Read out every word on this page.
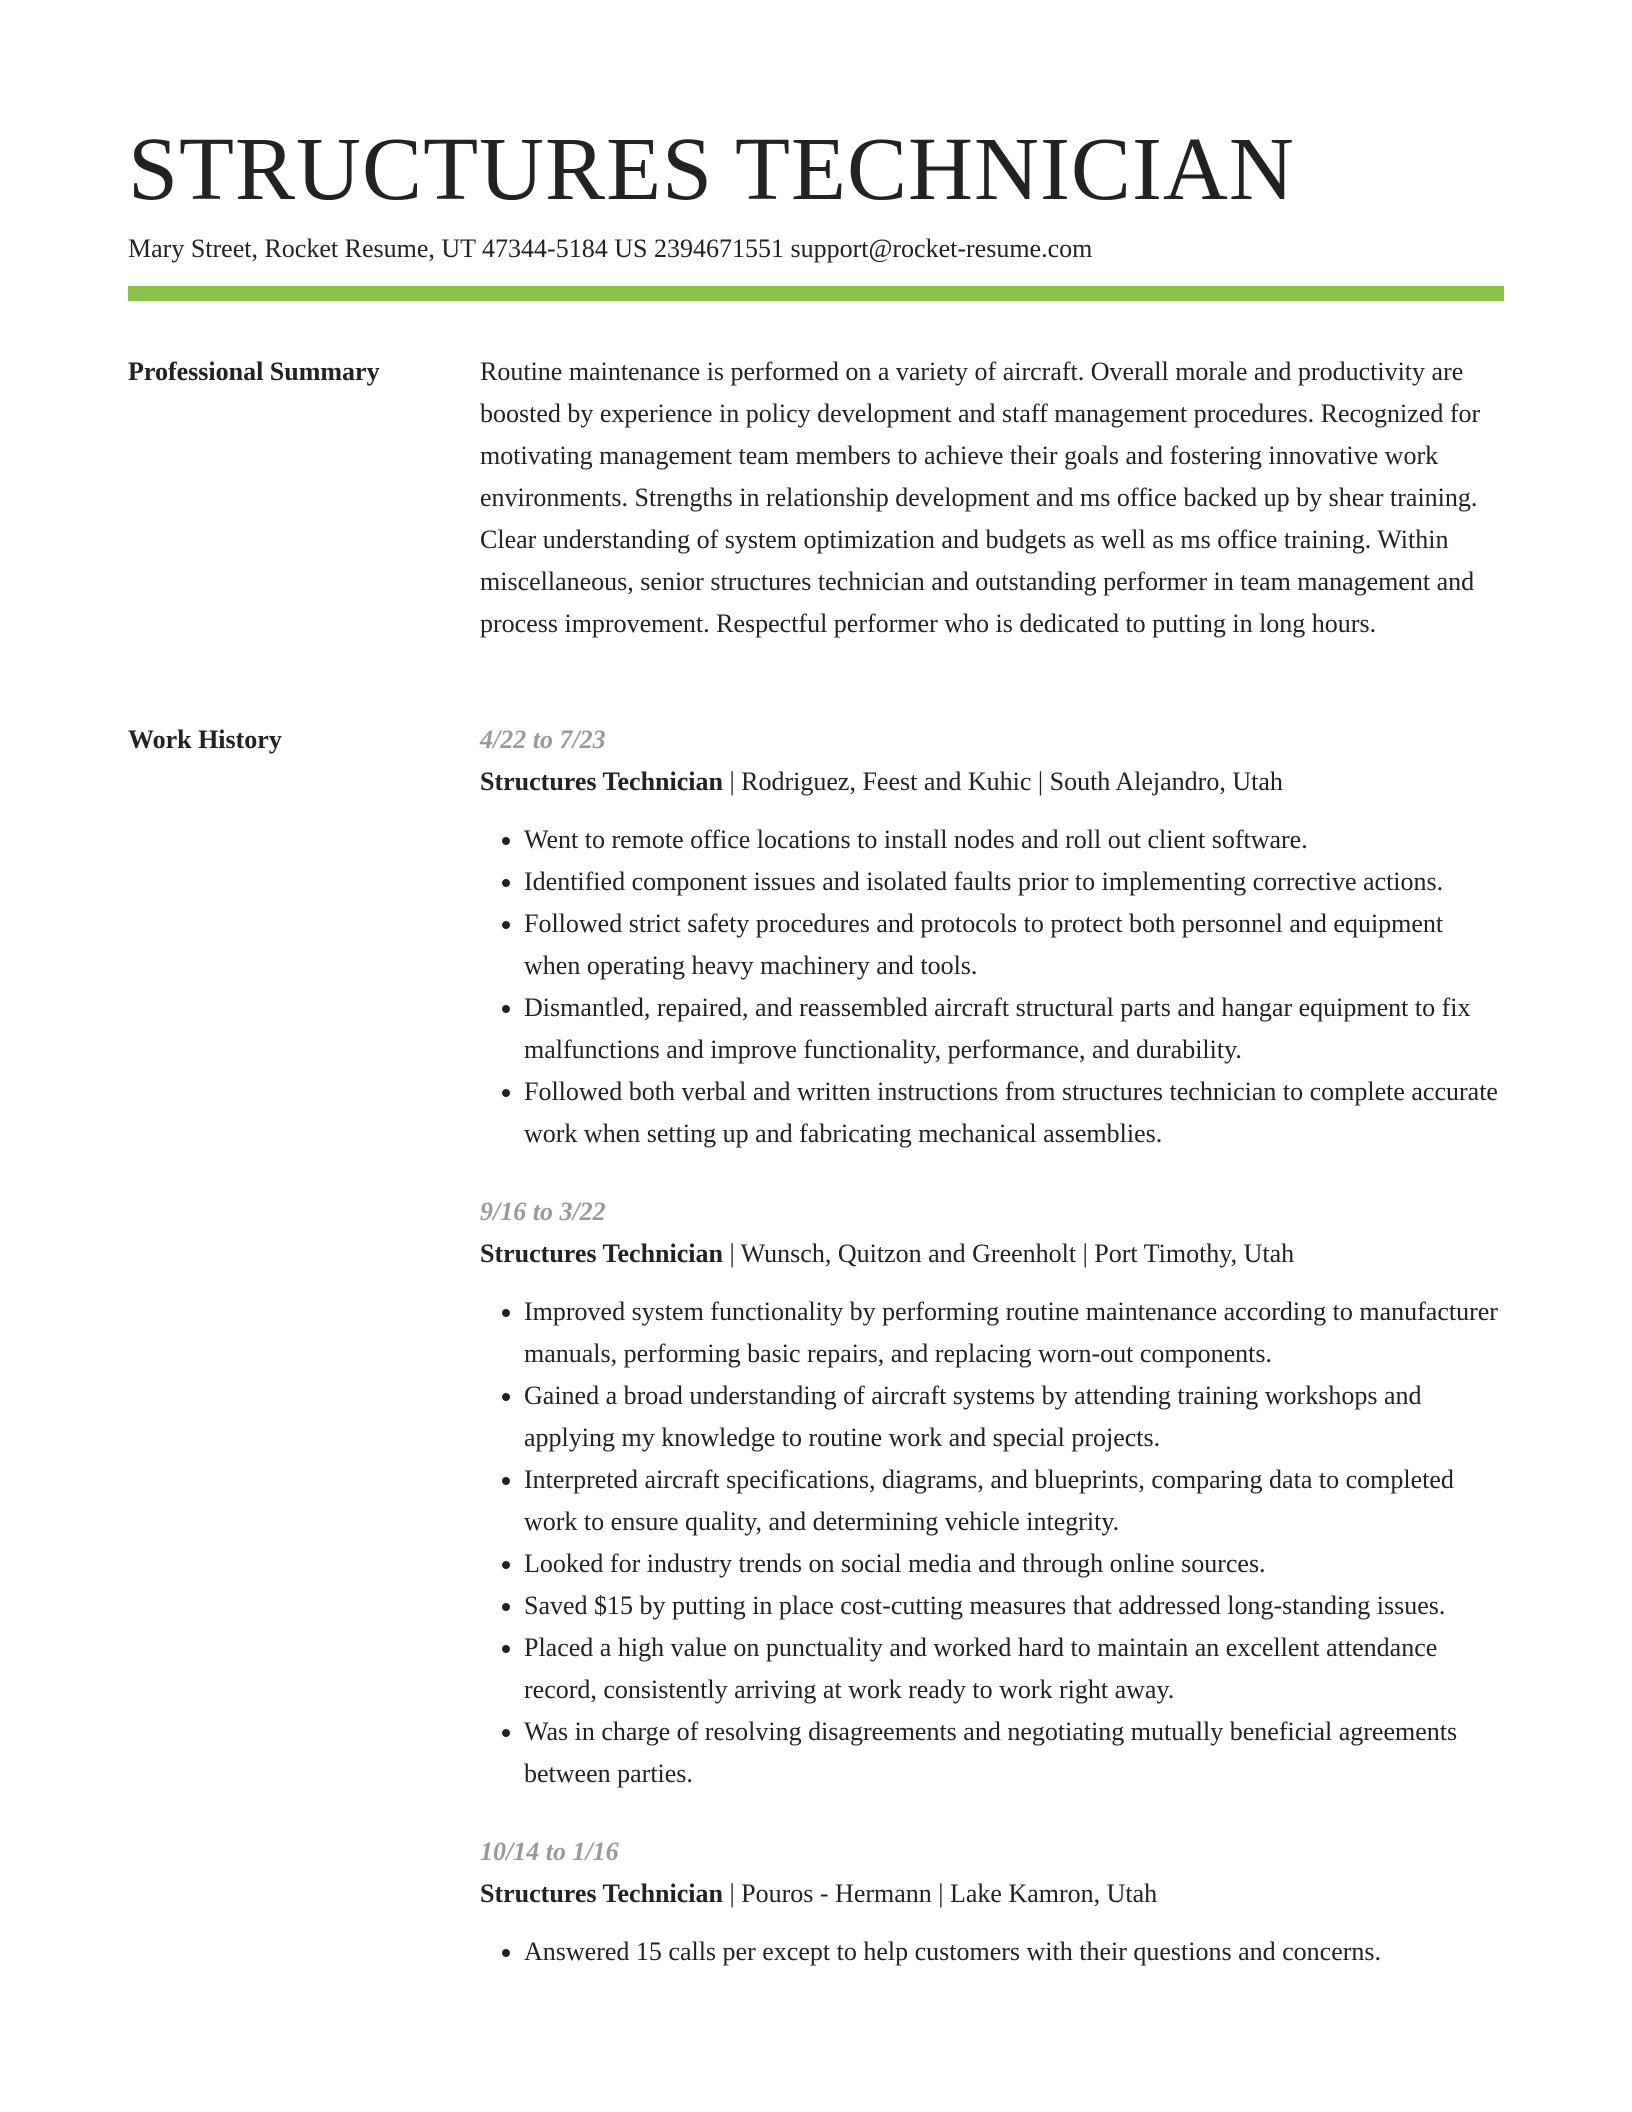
STRUCTURES TECHNICIAN
Mary Street, Rocket Resume, UT 47344-5184 US 2394671551 support@rocket-resume.com
Professional Summary	Routine maintenance is performed on a variety of aircraft. Overall morale and productivity are boosted by experience in policy development and staff management procedures. Recognized for motivating management team members to achieve their goals and fostering innovative work environments. Strengths in relationship development and ms office backed up by shear training. Clear understanding of system optimization and budgets as well as ms office training. Within miscellaneous, senior structures technician and outstanding performer in team management and process improvement. Respectful performer who is dedicated to putting in long hours.

Work History	4/22 to 7/23

Structures Technician | Rodriguez, Feest and Kuhic | South Alejandro, Utah

• Went to remote office locations to install nodes and roll out client software.
• Identified component issues and isolated faults prior to implementing corrective actions.
• Followed strict safety procedures and protocols to protect both personnel and equipment when operating heavy machinery and tools.
• Dismantled, repaired, and reassembled aircraft structural parts and hangar equipment to fix malfunctions and improve functionality, performance, and durability.
• Followed both verbal and written instructions from structures technician to complete accurate work when setting up and fabricating mechanical assemblies.
9/16 to 3/22

Structures Technician | Wunsch, Quitzon and Greenholt | Port Timothy, Utah

• Improved system functionality by performing routine maintenance according to manufacturer manuals, performing basic repairs, and replacing worn-out components.
• Gained a broad understanding of aircraft systems by attending training workshops and applying my knowledge to routine work and special projects.
• Interpreted aircraft specifications, diagrams, and blueprints, comparing data to completed work to ensure quality, and determining vehicle integrity.
• Looked for industry trends on social media and through online sources.
• Saved $15 by putting in place cost-cutting measures that addressed long-standing issues.
• Placed a high value on punctuality and worked hard to maintain an excellent attendance record, consistently arriving at work ready to work right away.
• Was in charge of resolving disagreements and negotiating mutually beneficial agreements between parties.
10/14 to 1/16

Structures Technician | Pouros - Hermann | Lake Kamron, Utah

• Answered 15 calls per except to help customers with their questions and concerns.
